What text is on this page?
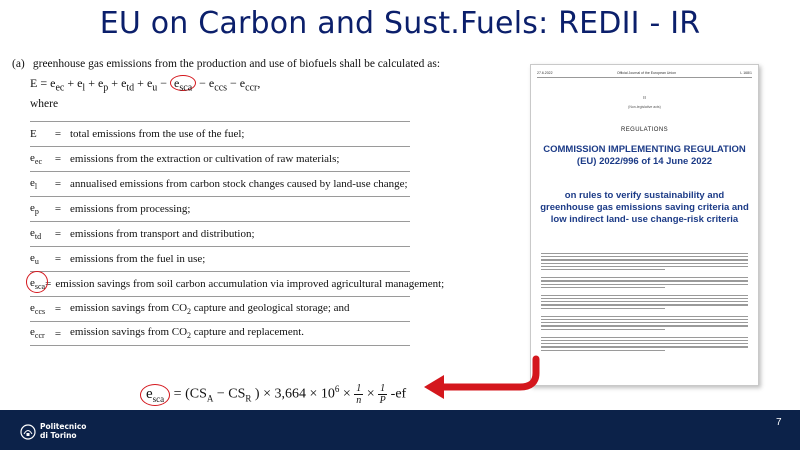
EU on Carbon and Sust.Fuels: REDII - IR
(a) greenhouse gas emissions from the production and use of biofuels shall be calculated as:
$E = e_{ec} + e_l + e_p + e_{td} + e_u - e_{sca} - e_{ccs} - e_{ccr}$,
where
E	= total emissions from the use of the fuel;
$e_{ec}$	= emissions from the extraction or cultivation of raw materials;
$e_l$	= annualised emissions from carbon stock changes caused by land-use change;
$e_p$	= emissions from processing;
$e_{td}$	= emissions from transport and distribution;
$e_u$	= emissions from the fuel in use;
$e_{sca}$ = emission savings from soil carbon accumulation via improved agricultural management;
$e_{ccs}$ = emission savings from $CO_2$ capture and geological storage; and
$e_{ccr}$ = emission savings from $CO_2$ capture and replacement.
$e_{sca} = (CS_A - CS_R$ ) × $3,664 \times 10^6 \times \frac{1}{n} \times \frac{1}{P} -ef$
27.6.2022	Official Journal of the European Union	L 168/1
II
(Non-legislative acts)
REGULATIONS
COMMISSION IMPLEMENTING REGULATION (EU) 2022/996 of 14 June 2022
on rules to verify sustainability and greenhouse gas emissions saving criteria and low indirect land- use change-risk criteria
Politecnico
di Torino
7
